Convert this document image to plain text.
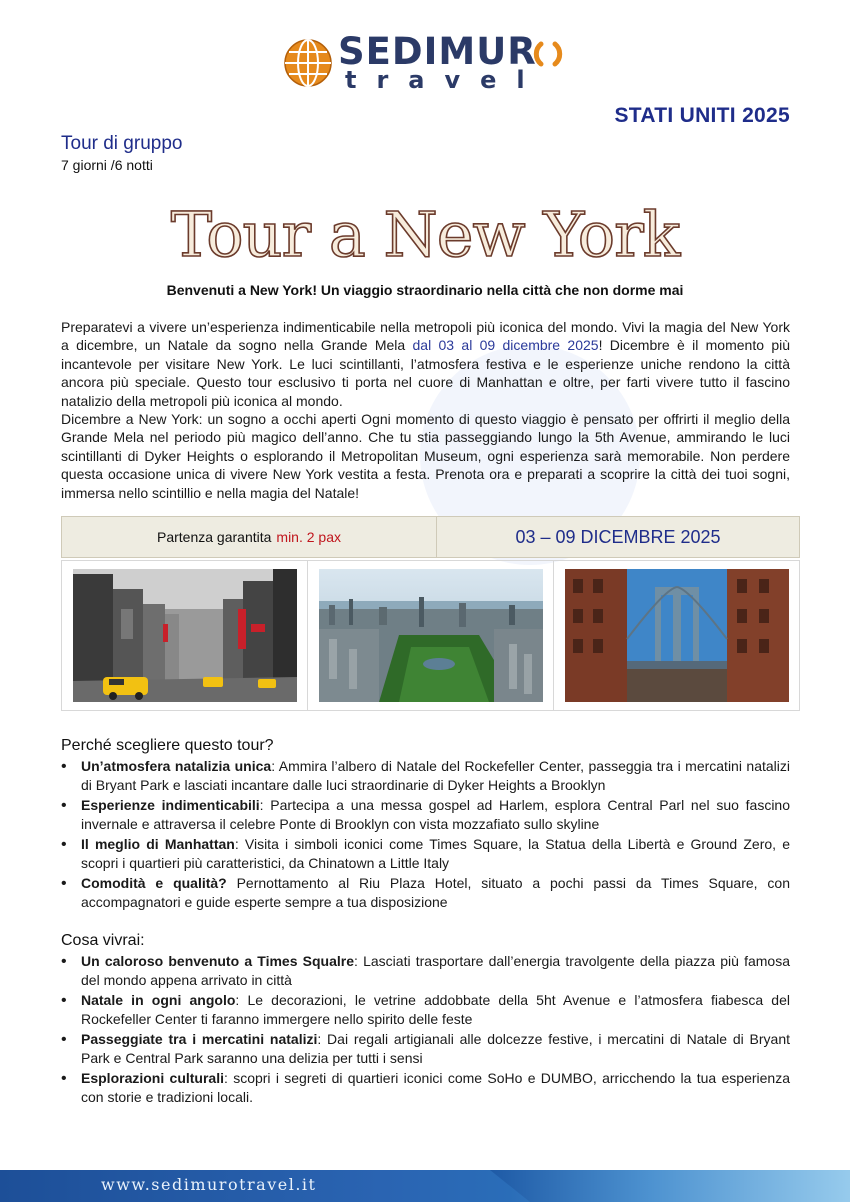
SEDIMUR
travel
STATI UNITI 2025
Tour di gruppo
7 giorni /6 notti
Tour a New York
Benvenuti a New York! Un viaggio straordinario nella città che non dorme mai

Preparatevi a vivere un’esperienza indimenticabile nella metropoli più iconica del mondo. Vivi la magia del New York a dicembre, un Natale da sogno nella Grande Mela dal 03 al 09 dicembre 2025! Dicembre è il momento più incantevole per visitare New York. Le luci scintillanti, l’atmosfera festiva e le esperienze uniche rendono la città ancora più speciale. Questo tour esclusivo ti porta nel cuore di Manhattan e oltre, per farti vivere tutto il fascino natalizio della metropoli più iconica al mondo.

Dicembre a New York: un sogno a occhi aperti Ogni momento di questo viaggio è pensato per offrirti il meglio della Grande Mela nel periodo più magico dell’anno. Che tu stia passeggiando lungo la 5th Avenue, ammirando le luci scintillanti di Dyker Heights o esplorando il Metropolitan Museum, ogni esperienza sarà memorabile. Non perdere questa occasione unica di vivere New York vestita a festa. Prenota ora e preparati a scoprire la città dei tuoi sogni, immersa nello scintillio e nella magia del Natale!

Partenza garantita min. 2 pax	03 – 09 DICEMBRE 2025
Perché scegliere questo tour?
• Un’atmosfera natalizia unica: Ammira l’albero di Natale del Rockefeller Center, passeggia tra i mercatini natalizi di Bryant Park e lasciati incantare dalle luci straordinarie di Dyker Heights a Brooklyn
• Esperienze indimenticabili: Partecipa a una messa gospel ad Harlem, esplora Central Parl nel suo fascino invernale e attraversa il celebre Ponte di Brooklyn con vista mozzafiato sullo skyline
• Il meglio di Manhattan: Visita i simboli iconici come Times Square, la Statua della Libertà e Ground Zero, e scopri i quartieri più caratteristici, da Chinatown a Little Italy
• Comodità e qualità? Pernottamento al Riu Plaza Hotel, situato a pochi passi da Times Square, con accompagnatori e guide esperte sempre a tua disposizione
Cosa vivrai:
• Un caloroso benvenuto a Times Squalre: Lasciati trasportare dall’energia travolgente della piazza più famosa del mondo appena arrivato in città
• Natale in ogni angolo: Le decorazioni, le vetrine addobbate della 5ht Avenue e l’atmosfera fiabesca del Rockefeller Center ti faranno immergere nello spirito delle feste
• Passeggiate tra i mercatini natalizi: Dai regali artigianali alle dolcezze festive, i mercatini di Natale di Bryant Park e Central Park saranno una delizia per tutti i sensi
• Esplorazioni culturali: scopri i segreti di quartieri iconici come SoHo e DUMBO, arricchendo la tua esperienza con storie e tradizioni locali.
www.sedimurotravel.it
